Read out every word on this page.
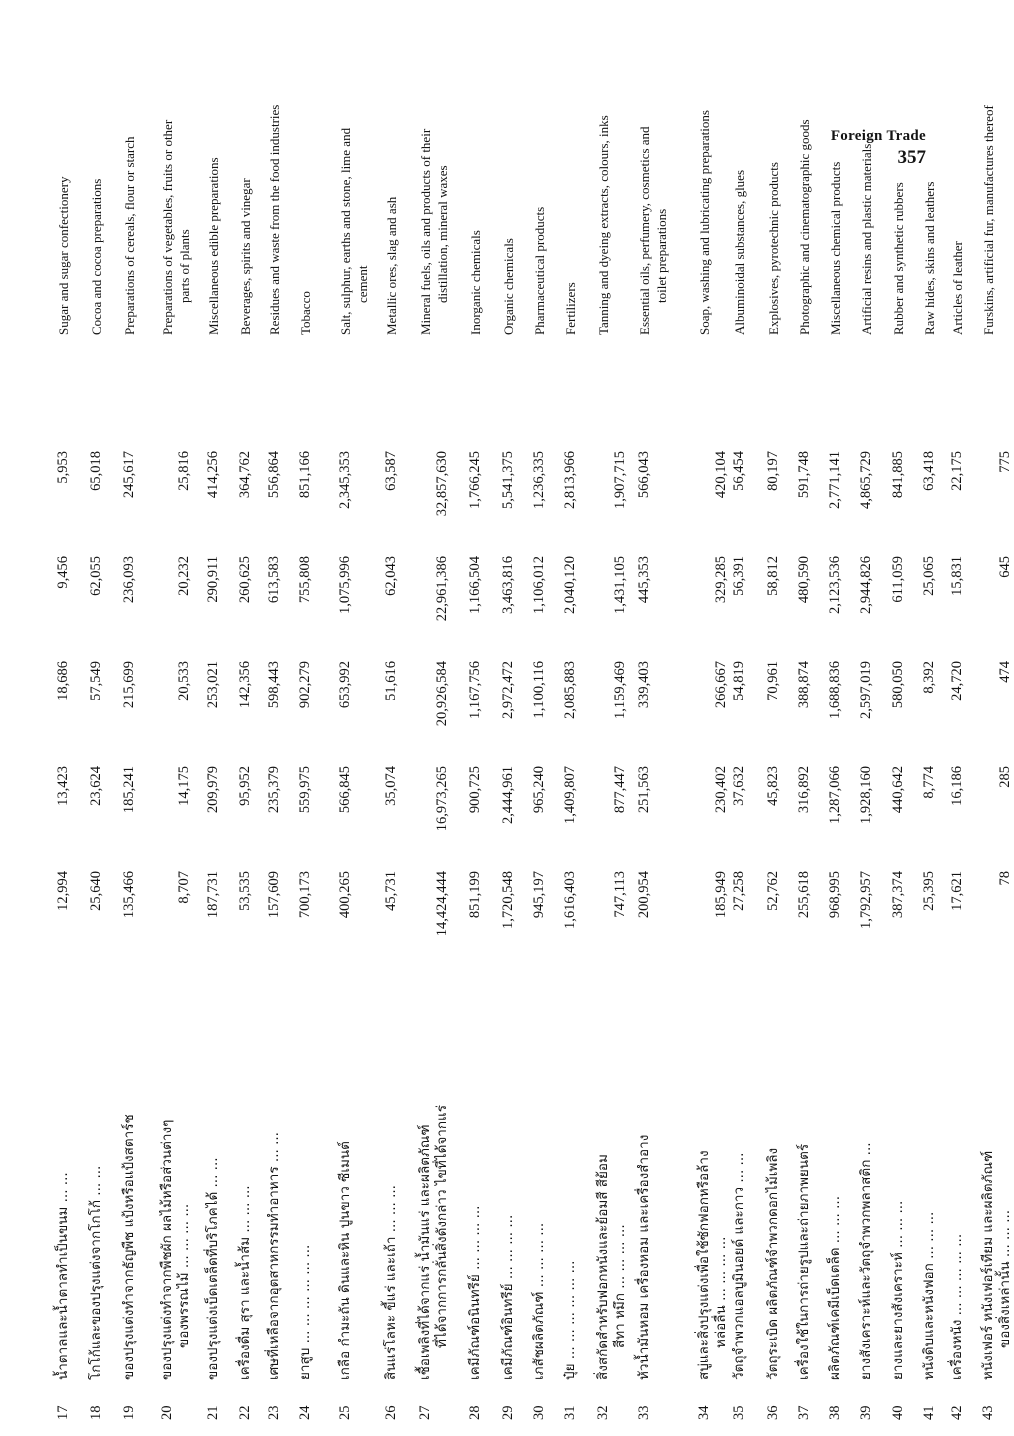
Foreign Trade
357
17
น้ำตาลและน้ำตาลทำเป็นขนม ... ...
12,994
13,423
18,686
9,456
5,953
Sugar and sugar confectionery
18
โกโก้และของปรุงแต่งจากโกโก้ ... ...
25,640
23,624
57,549
62,055
65,018
Cocoa and cocoa preparations
19
ของปรุงแต่งทำจากธัญพืช แป้งหรือแป้งสตาร์ช
135,466
185,241
215,699
236,093
245,617
Preparations of cereals, flour or starch
20
ของปรุงแต่งทำจากพืชผัก ผลไม้หรือส่วนต่างๆ ของพรรณไม้ ... ... ... ...
8,707
14,175
20,533
20,232
25,816
Preparations of vegetables, fruits or other parts of plants
21
ของปรุงแต่งเบ็ดเตล็ดที่บริโภคได้ ... ...
187,731
209,979
253,021
290,911
414,256
Miscellaneous edible preparations
22
เครื่องดื่ม สุรา และน้ำส้ม ... ... ...
53,535
95,952
142,356
260,625
364,762
Beverages, spirits and vinegar
23
เศษที่เหลือจากอุตสาหกรรมทำอาหาร ... ...
157,609
235,379
598,443
613,583
556,864
Residues and waste from the food industries
24
ยาสูบ ... ... ... ... ... ...
700,173
559,975
902,279
755,808
851,166
Tobacco
25
เกลือ กำมะถัน ดินและหิน ปูนขาว ซีเมนต์
400,265
566,845
653,992
1,075,996
2,345,353
Salt, sulphur, earths and stone, lime and cement
26
สินแร่โลหะ ขี้แร่ และเถ้า ... ... ...
45,731
35,074
51,616
62,043
63,587
Metallic ores, slag and ash
27
เชื้อเพลิงที่ได้จากแร่ น้ำมันแร่ และผลิตภัณฑ์ ที่ได้จากการกลั่นสิ่งดังกล่าว ไขที่ได้จากแร่
14,424,444
16,973,265
20,926,584
22,961,386
32,857,630
Mineral fuels, oils and products of their distillation, mineral waxes
28
เคมีภัณฑ์อนินทรีย์ ... ... ... ...
851,199
900,725
1,167,756
1,166,504
1,766,245
Inorganic chemicals
29
เคมีภัณฑ์อินทรีย์ ... ... ... ...
1,720,548
2,444,961
2,972,472
3,463,816
5,541,375
Organic chemicals
30
เภสัชผลิตภัณฑ์ ... ... ... ...
945,197
965,240
1,100,116
1,106,012
1,236,335
Pharmaceutical products
31
ปุ๋ย ... ... ... ... ... ...
1,616,403
1,409,807
2,085,883
2,040,120
2,813,966
Fertilizers
32
สิ่งสกัดสำหรับฟอกหนังและย้อมสี สีย้อม สีทา หมึก ... ... ... ...
747,113
877,447
1,159,469
1,431,105
1,907,715
Tanning and dyeing extracts, colours, inks
33
หัวน้ำมันหอม เครื่องหอม และเครื่องสำอาง
200,954
251,563
339,403
445,353
566,043
Essential oils, perfumery, cosmetics and toilet preparations
34
สบู่และสิ่งปรุงแต่งเพื่อใช้ซักฟอกหรือล้าง หล่อลื่น ... ... ... ...
185,949
230,402
266,667
329,285
420,104
Soap, washing and lubricating preparations
35
วัตถุจำพวกแอลบูมินอยด์ และกาว ... ...
27,258
37,632
54,819
56,391
56,454
Albuminoidal substances, glues
36
วัตถุระเบิด ผลิตภัณฑ์จำพวกดอกไม้เพลิง
52,762
45,823
70,961
58,812
80,197
Explosives, pyrotechnic products
37
เครื่องใช้ในการถ่ายรูปและถ่ายภาพยนตร์
255,618
316,892
388,874
480,590
591,748
Photographic and cinematographic goods
38
ผลิตภัณฑ์เคมีเบ็ดเตล็ด ... ... ...
968,995
1,287,066
1,688,836
2,123,536
2,771,141
Miscellaneous chemical products
39
ยางสังเคราะห์และวัตถุจำพวกพลาสติก ...
1,792,957
1,928,160
2,597,019
2,944,826
4,865,729
Artificial resins and plastic materials
40
ยางและยางสังเคราะห์ ... ... ...
387,374
440,642
580,050
611,059
841,885
Rubber and synthetic rubbers
41
หนังดิบและหนังฟอก ... ... ...
25,395
8,774
8,392
25,065
63,418
Raw hides, skins and leathers
42
เครื่องหนัง ... ... ... ... ...
17,621
16,186
24,720
15,831
22,175
Articles of leather
43
หนังเฟอร์ หนังเฟอร์เทียม และผลิตภัณฑ์ ของสิ่งเหล่านั้น ... ... ...
78
285
474
645
775
Furskins, artificial fur, manufactures thereof
